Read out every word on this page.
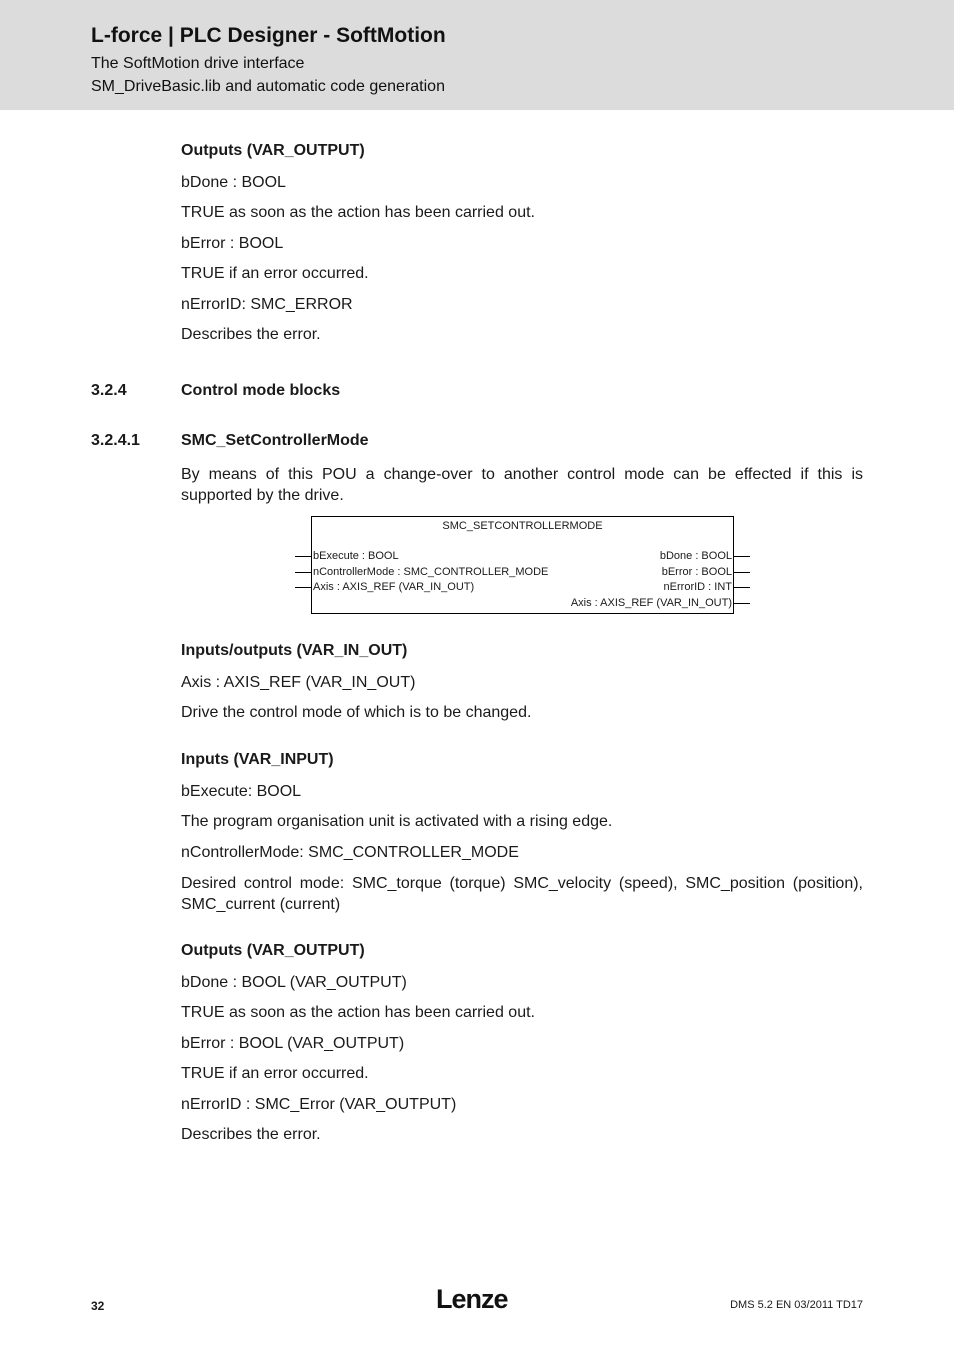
L-force | PLC Designer - SoftMotion
The SoftMotion drive interface
SM_DriveBasic.lib and automatic code generation
Outputs (VAR_OUTPUT)
bDone : BOOL
TRUE as soon as the action has been carried out.
bError : BOOL
TRUE if an error occurred.
nErrorID: SMC_ERROR
Describes the error.
3.2.4	Control mode blocks
3.2.4.1	SMC_SetControllerMode
By means of this POU a change-over to another control mode can be effected if this is supported by the drive.
SMC_SETCONTROLLERMODE
bExecute : BOOL
nControllerMode : SMC_CONTROLLER_MODE
Axis : AXIS_REF (VAR_IN_OUT)
bDone : BOOL
bError : BOOL
nErrorID : INT
Axis : AXIS_REF (VAR_IN_OUT)
Inputs/outputs (VAR_IN_OUT)
Axis : AXIS_REF (VAR_IN_OUT)
Drive the control mode of which is to be changed.
Inputs (VAR_INPUT)
bExecute: BOOL
The program organisation unit is activated with a rising edge.
nControllerMode: SMC_CONTROLLER_MODE
Desired control mode: SMC_torque (torque) SMC_velocity (speed), SMC_position (position), SMC_current (current)
Outputs (VAR_OUTPUT)
bDone : BOOL (VAR_OUTPUT)
TRUE as soon as the action has been carried out.
bError : BOOL (VAR_OUTPUT)
TRUE if an error occurred.
nErrorID : SMC_Error (VAR_OUTPUT)
Describes the error.
32	Lenze	DMS 5.2 EN 03/2011 TD17
